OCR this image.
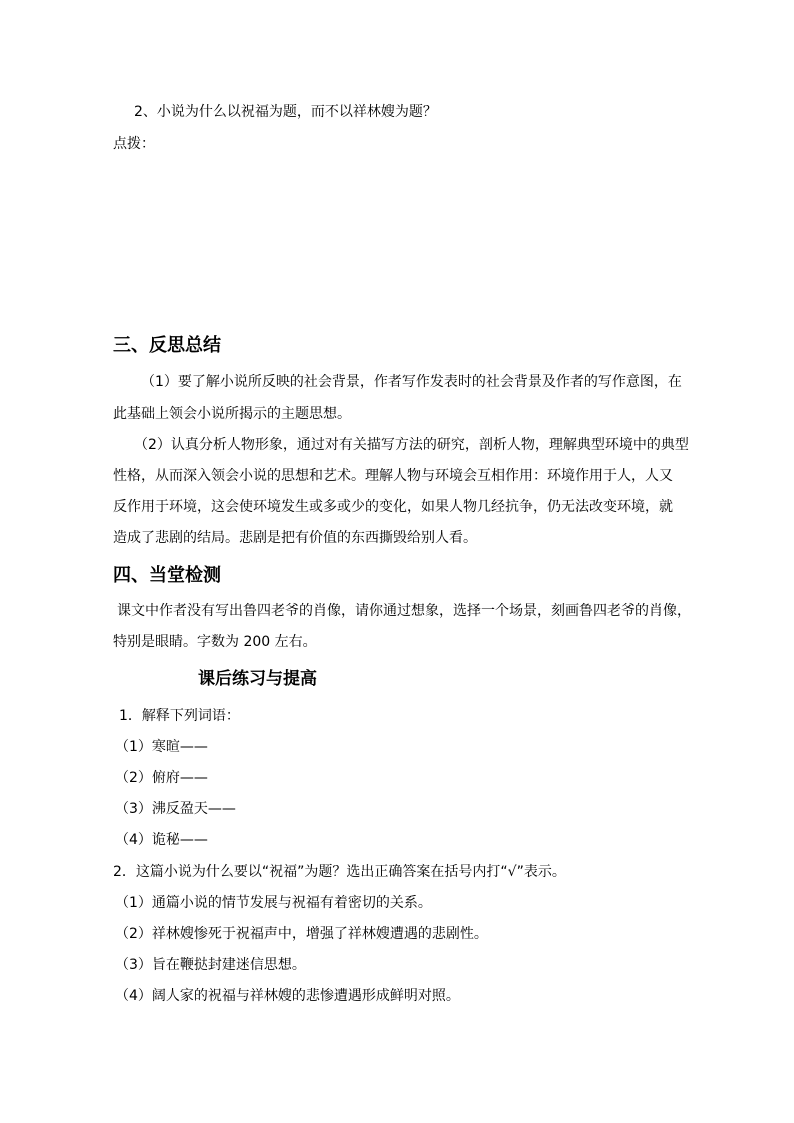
2、小说为什么以祝福为题，而不以祥林嫂为题？
点拨：
三、反思总结
（1）要了解小说所反映的社会背景，作者写作发表时的社会背景及作者的写作意图，在
此基础上领会小说所揭示的主题思想。
（2）认真分析人物形象，通过对有关描写方法的研究，剖析人物，理解典型环境中的典型
性格，从而深入领会小说的思想和艺术。理解人物与环境会互相作用：环境作用于人，人又
反作用于环境，这会使环境发生或多或少的变化，如果人物几经抗争，仍无法改变环境，就
造成了悲剧的结局。悲剧是把有价值的东西撕毁给别人看。
四、当堂检测
课文中作者没有写出鲁四老爷的肖像，请你通过想象，选择一个场景，刻画鲁四老爷的肖像，
特别是眼睛。字数为 200 左右。
课后练习与提高
1．解释下列词语：
（1）寒暄——
（2）俯府——
（3）沸反盈天——
（4）诡秘——
2．这篇小说为什么要以“祝福”为题？选出正确答案在括号内打“√”表示。
（1）通篇小说的情节发展与祝福有着密切的关系。
（2）祥林嫂惨死于祝福声中，增强了祥林嫂遭遇的悲剧性。
（3）旨在鞭挞封建迷信思想。
（4）阔人家的祝福与祥林嫂的悲惨遭遇形成鲜明对照。
